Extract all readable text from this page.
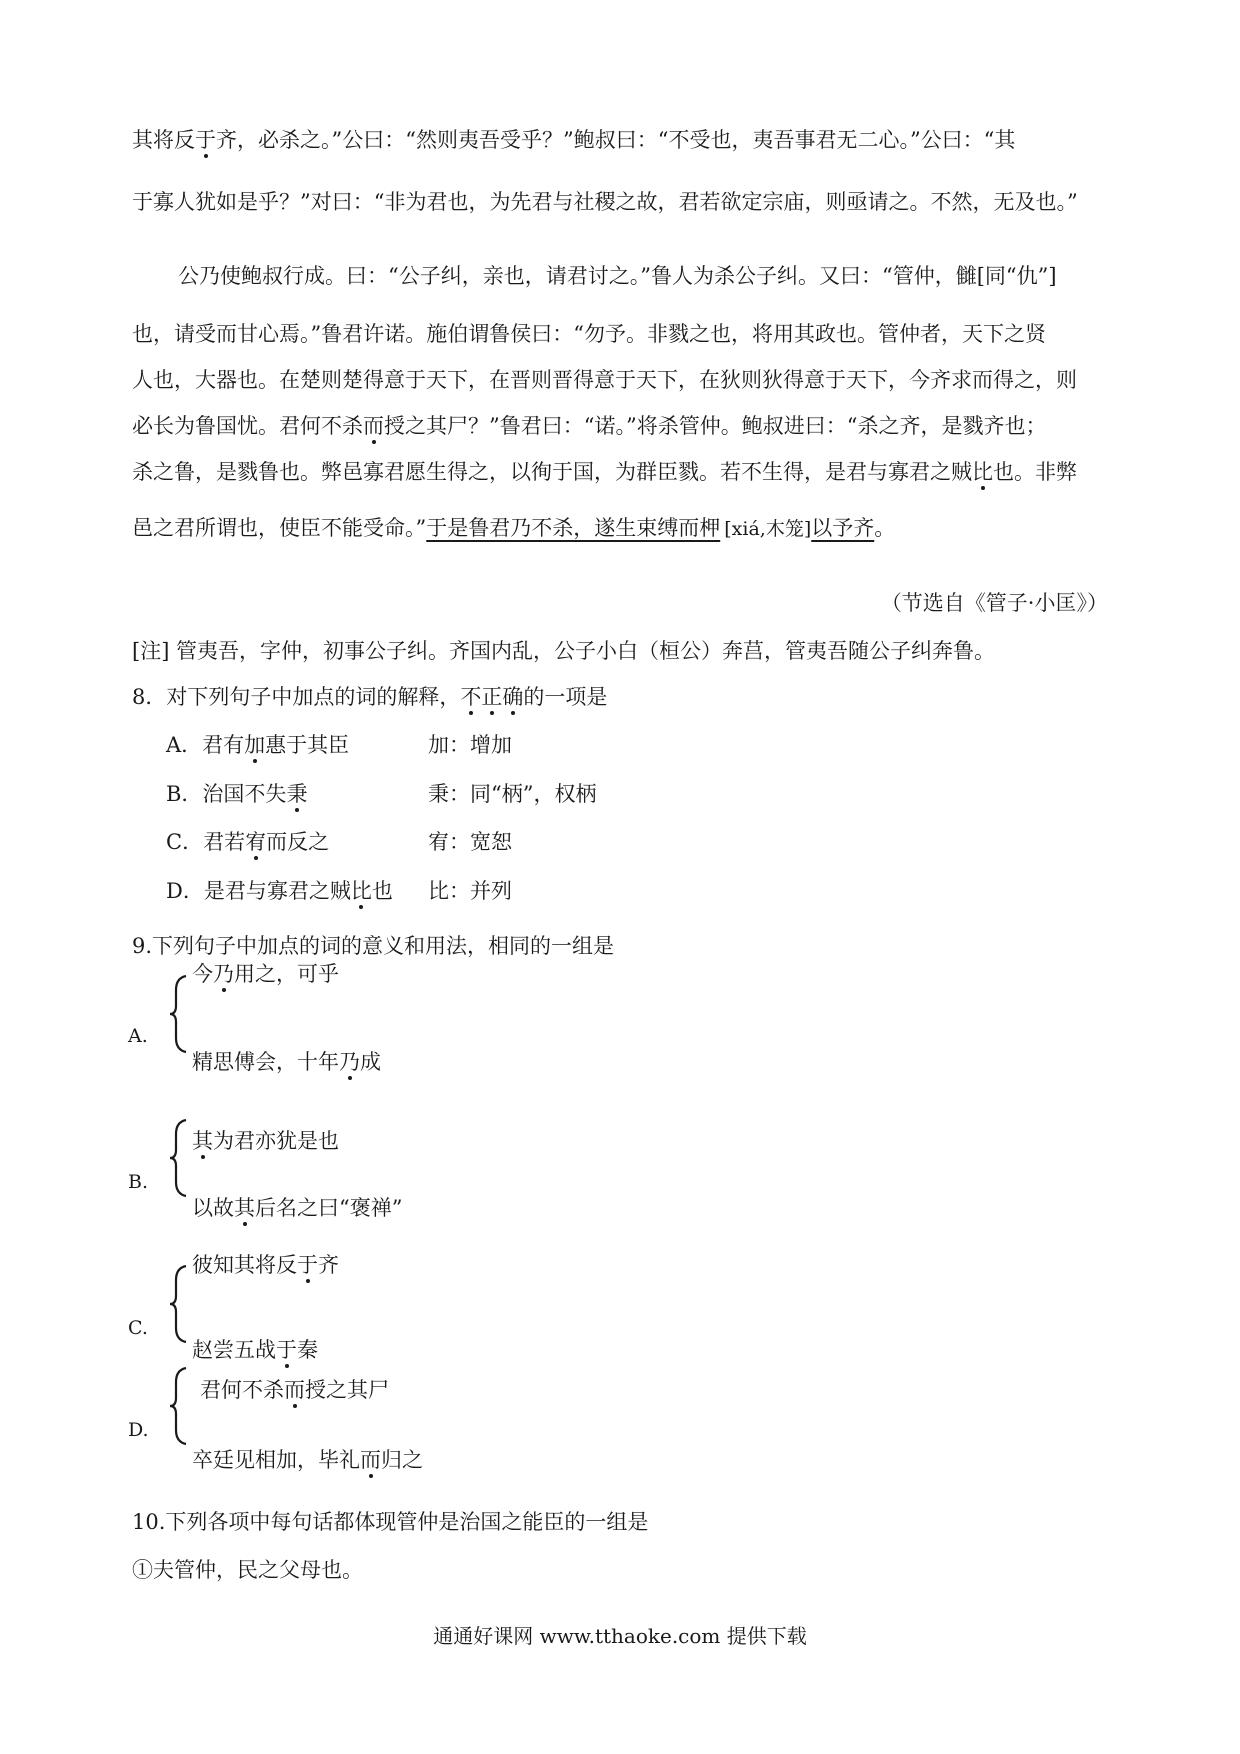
其将反于齐，必杀之。”公曰：“然则夷吾受乎？”鲍叔曰：“不受也，夷吾事君无二心。”公曰：“其
于寡人犹如是乎？”对曰：“非为君也，为先君与社稷之故，君若欲定宗庙，则亟请之。不然，无及也。”
公乃使鲍叔行成。曰：“公子纠，亲也，请君讨之。”鲁人为杀公子纠。又曰：“管仲，雠[同“仇”]
也，请受而甘心焉。”鲁君许诺。施伯谓鲁侯曰：“勿予。非戮之也，将用其政也。管仲者，天下之贤
人也，大器也。在楚则楚得意于天下，在晋则晋得意于天下，在狄则狄得意于天下，今齐求而得之，则
必长为鲁国忧。君何不杀而授之其尸？”鲁君曰：“诺。”将杀管仲。鲍叔进曰：“杀之齐，是戮齐也；
杀之鲁，是戮鲁也。弊邑寡君愿生得之，以徇于国，为群臣戮。若不生得，是君与寡君之贼比也。非弊
邑之君所谓也，使臣不能受命。”于是鲁君乃不杀，遂生束缚而柙 [xiá,木笼]以予齐。
（节选自《管子·小匡》）
[注] 管夷吾，字仲，初事公子纠。齐国内乱，公子小白（桓公）奔莒，管夷吾随公子纠奔鲁。
8．对下列句子中加点的词的解释，不正确的一项是
A．君有加惠于其臣	加：增加
B．治国不失秉	秉：同“柄”，权柄
C．君若宥而反之	宥：宽恕
D．是君与寡君之贼比也 比：并列
9.下列句子中加点的词的意义和用法，相同的一组是
今乃用之，可乎
A.
精思傅会，十年乃成
其为君亦犹是也
B.
以故其后名之曰“褒禅”
彼知其将反于齐
C.
赵尝五战于秦
君何不杀而授之其尸
D.
卒廷见相加，毕礼而归之
10.下列各项中每句话都体现管仲是治国之能臣的一组是
①夫管仲，民之父母也。
通通好课网 www.tthaoke.com 提供下载
